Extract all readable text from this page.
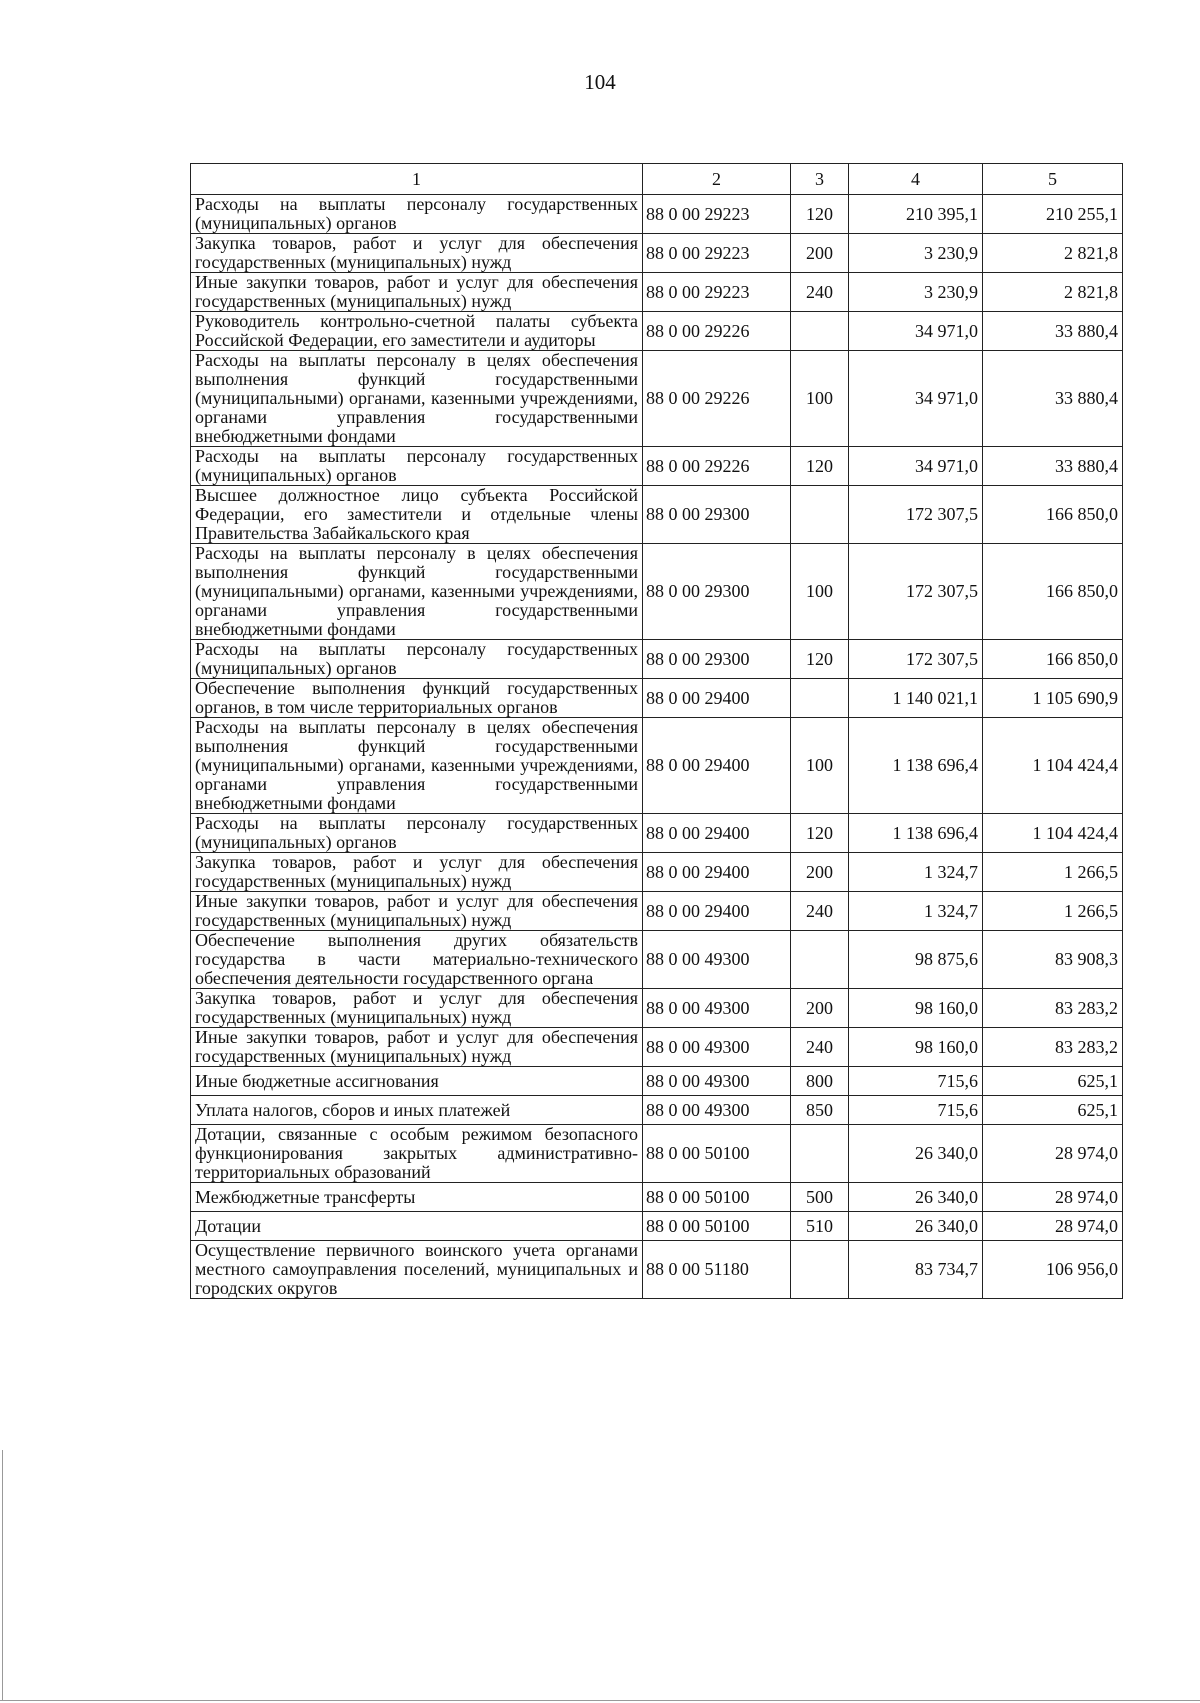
104
1	2	3	4	5
Расходы на выплаты персоналу государственных (муниципальных) органов	88 0 00 29223	120	210 395,1	210 255,1
Закупка товаров, работ и услуг для обеспечения государственных (муниципальных) нужд	88 0 00 29223	200	3 230,9	2 821,8
Иные закупки товаров, работ и услуг для обеспечения государственных (муниципальных) нужд	88 0 00 29223	240	3 230,9	2 821,8
Руководитель контрольно-счетной палаты субъекта Российской Федерации, его заместители и аудиторы	88 0 00 29226		34 971,0	33 880,4
Расходы на выплаты персоналу в целях обеспечения выполнения функций государственными (муниципальными) органами, казенными учреждениями, органами управления государственными внебюджетными фондами	88 0 00 29226	100	34 971,0	33 880,4
Расходы на выплаты персоналу государственных (муниципальных) органов	88 0 00 29226	120	34 971,0	33 880,4
Высшее должностное лицо субъекта Российской Федерации, его заместители и отдельные члены Правительства Забайкальского края	88 0 00 29300		172 307,5	166 850,0
Расходы на выплаты персоналу в целях обеспечения выполнения функций государственными (муниципальными) органами, казенными учреждениями, органами управления государственными внебюджетными фондами	88 0 00 29300	100	172 307,5	166 850,0
Расходы на выплаты персоналу государственных (муниципальных) органов	88 0 00 29300	120	172 307,5	166 850,0
Обеспечение выполнения функций государственных органов, в том числе территориальных органов	88 0 00 29400		1 140 021,1	1 105 690,9
Расходы на выплаты персоналу в целях обеспечения выполнения функций государственными (муниципальными) органами, казенными учреждениями, органами управления государственными внебюджетными фондами	88 0 00 29400	100	1 138 696,4	1 104 424,4
Расходы на выплаты персоналу государственных (муниципальных) органов	88 0 00 29400	120	1 138 696,4	1 104 424,4
Закупка товаров, работ и услуг для обеспечения государственных (муниципальных) нужд	88 0 00 29400	200	1 324,7	1 266,5
Иные закупки товаров, работ и услуг для обеспечения государственных (муниципальных) нужд	88 0 00 29400	240	1 324,7	1 266,5
Обеспечение выполнения других обязательств государства в части материально-технического обеспечения деятельности государственного органа	88 0 00 49300		98 875,6	83 908,3
Закупка товаров, работ и услуг для обеспечения государственных (муниципальных) нужд	88 0 00 49300	200	98 160,0	83 283,2
Иные закупки товаров, работ и услуг для обеспечения государственных (муниципальных) нужд	88 0 00 49300	240	98 160,0	83 283,2
Иные бюджетные ассигнования	88 0 00 49300	800	715,6	625,1
Уплата налогов, сборов и иных платежей	88 0 00 49300	850	715,6	625,1
Дотации, связанные с особым режимом безопасного функционирования закрытых административно-территориальных образований	88 0 00 50100		26 340,0	28 974,0
Межбюджетные трансферты	88 0 00 50100	500	26 340,0	28 974,0
Дотации	88 0 00 50100	510	26 340,0	28 974,0
Осуществление первичного воинского учета органами местного самоуправления поселений, муниципальных и городских округов	88 0 00 51180		83 734,7	106 956,0
